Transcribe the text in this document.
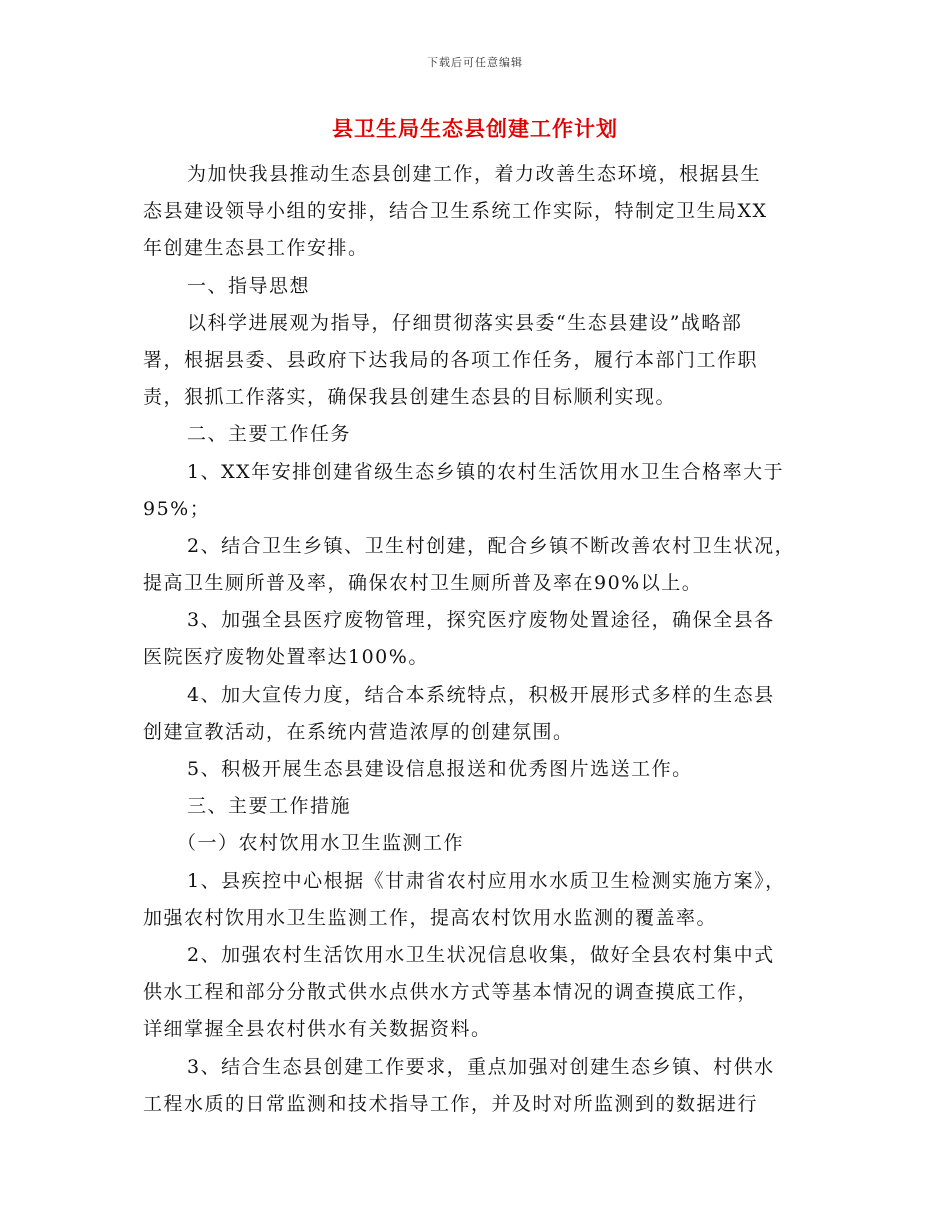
下载后可任意编辑
县卫生局生态县创建工作计划
为加快我县推动生态县创建工作，着力改善生态环境，根据县生
态县建设领导小组的安排，结合卫生系统工作实际，特制定卫生局XX
年创建生态县工作安排。
一、指导思想
以科学进展观为指导，仔细贯彻落实县委“生态县建设”战略部
署，根据县委、县政府下达我局的各项工作任务，履行本部门工作职
责，狠抓工作落实，确保我县创建生态县的目标顺利实现。
二、主要工作任务
1、XX年安排创建省级生态乡镇的农村生活饮用水卫生合格率大于
95%；
2、结合卫生乡镇、卫生村创建，配合乡镇不断改善农村卫生状况，
提高卫生厕所普及率，确保农村卫生厕所普及率在90%以上。
3、加强全县医疗废物管理，探究医疗废物处置途径，确保全县各
医院医疗废物处置率达100%。
4、加大宣传力度，结合本系统特点，积极开展形式多样的生态县
创建宣教活动，在系统内营造浓厚的创建氛围。
5、积极开展生态县建设信息报送和优秀图片选送工作。
三、主要工作措施
（一）农村饮用水卫生监测工作
1、县疾控中心根据《甘肃省农村应用水水质卫生检测实施方案》，
加强农村饮用水卫生监测工作，提高农村饮用水监测的覆盖率。
2、加强农村生活饮用水卫生状况信息收集，做好全县农村集中式
供水工程和部分分散式供水点供水方式等基本情况的调查摸底工作，
详细掌握全县农村供水有关数据资料。
3、结合生态县创建工作要求，重点加强对创建生态乡镇、村供水
工程水质的日常监测和技术指导工作，并及时对所监测到的数据进行
